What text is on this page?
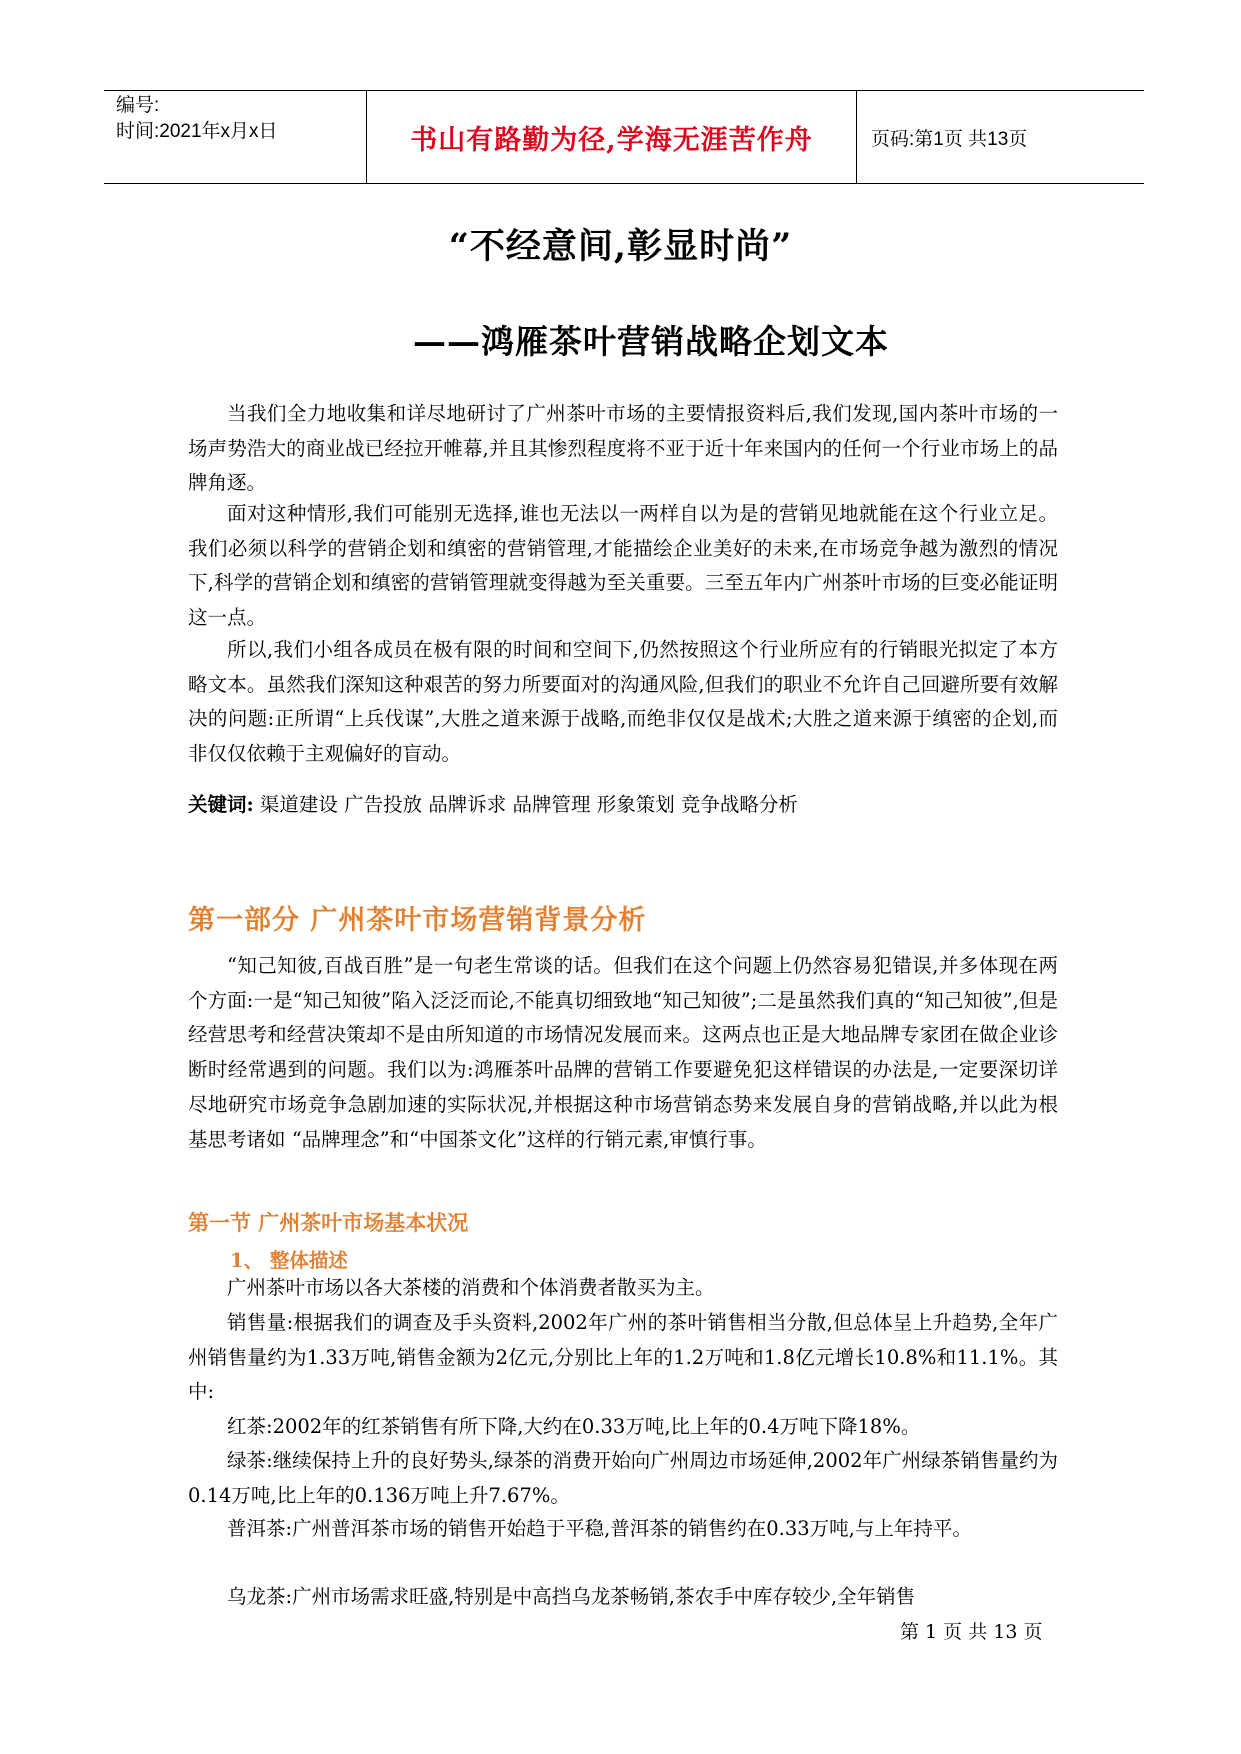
编号:
时间:2021年x月x日	书山有路勤为径,学海无涯苦作舟	页码:第1页 共13页
“不经意间,彰显时尚”
——鸿雁茶叶营销战略企划文本

当我们全力地收集和详尽地研讨了广州茶叶市场的主要情报资料后,我们发现,国内茶叶市场的一场声势浩大的商业战已经拉开帷幕,并且其惨烈程度将不亚于近十年来国内的任何一个行业市场上的品牌角逐。

面对这种情形,我们可能别无选择,谁也无法以一两样自以为是的营销见地就能在这个行业立足。我们必须以科学的营销企划和缜密的营销管理,才能描绘企业美好的未来,在市场竞争越为激烈的情况下,科学的营销企划和缜密的营销管理就变得越为至关重要。三至五年内广州茶叶市场的巨变必能证明这一点。

所以,我们小组各成员在极有限的时间和空间下,仍然按照这个行业所应有的行销眼光拟定了本方略文本。虽然我们深知这种艰苦的努力所要面对的沟通风险,但我们的职业不允许自己回避所要有效解决的问题:正所谓“上兵伐谋”,大胜之道来源于战略,而绝非仅仅是战术;大胜之道来源于缜密的企划,而非仅仅依赖于主观偏好的盲动。

关键词: 渠道建设 广告投放 品牌诉求 品牌管理 形象策划 竞争战略分析
第一部分 广州茶叶市场营销背景分析

“知己知彼,百战百胜”是一句老生常谈的话。但我们在这个问题上仍然容易犯错误,并多体现在两个方面:一是“知己知彼”陷入泛泛而论,不能真切细致地“知己知彼”;二是虽然我们真的“知己知彼”,但是经营思考和经营决策却不是由所知道的市场情况发展而来。这两点也正是大地品牌专家团在做企业诊断时经常遇到的问题。我们以为:鸿雁茶叶品牌的营销工作要避免犯这样错误的办法是,一定要深切详尽地研究市场竞争急剧加速的实际状况,并根据这种市场营销态势来发展自身的营销战略,并以此为根基思考诸如 “品牌理念”和“中国茶文化”这样的行销元素,审慎行事。

第一节 广州茶叶市场基本状况
1、 整体描述

广州茶叶市场以各大茶楼的消费和个体消费者散买为主。

销售量:根据我们的调查及手头资料,2002年广州的茶叶销售相当分散,但总体呈上升趋势,全年广州销售量约为1.33万吨,销售金额为2亿元,分别比上年的1.2万吨和1.8亿元增长10.8%和11.1%。其中:

红茶:2002年的红茶销售有所下降,大约在0.33万吨,比上年的0.4万吨下降18%。

绿茶:继续保持上升的良好势头,绿茶的消费开始向广州周边市场延伸,2002年广州绿茶销售量约为0.14万吨,比上年的0.136万吨上升7.67%。

普洱茶:广州普洱茶市场的销售开始趋于平稳,普洱茶的销售约在0.33万吨,与上年持平。

乌龙茶:广州市场需求旺盛,特别是中高挡乌龙茶畅销,茶农手中库存较少,全年销售

第 1 页 共 13 页
